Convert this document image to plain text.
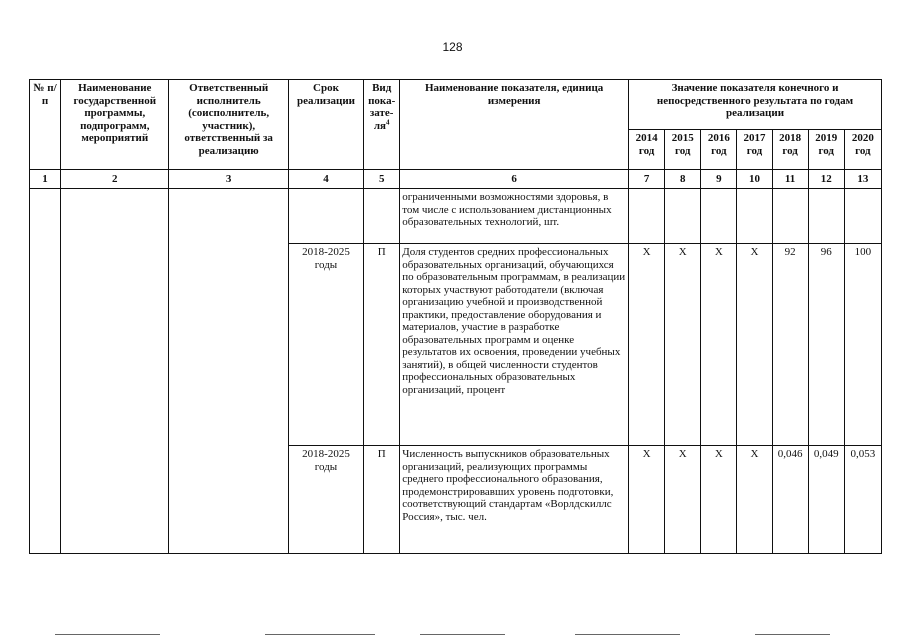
128
№ п/п	Наименование государственной программы, подпрограмм, мероприятий	Ответственный исполнитель (соисполнитель, участник), ответственный за реализацию	Срок реализации	Вид пока-$зате-ля^4$	Наименование показателя, единица измерения	Значение показателя конечного и непосредственного результата по годам реализации						
						2014 год	2015 год	2016 год	2017 год	2018 год	2019 год	2020 год
1	2	3	4	5	6	7	8	9	10	11	12	13
					ограниченными возможностями здоровья, в том числе с использованием дистанционных образовательных технологий, шт.							
			2018-2025 годы	П	Доля студентов средних профессиональных образовательных организаций, обучающихся по образовательным программам, в реализации которых участвуют работодатели (включая организацию учебной и производственной практики, предоставление оборудования и материалов, участие в разработке образовательных программ и оценке результатов их освоения, проведении учебных занятий), в общей численности студентов профессиональных образовательных организаций, процент	X	X	X	X	92	96	100
			2018-2025 годы	П	Численность выпускников образовательных организаций, реализующих программы среднего профессионального образования, продемонстрировавших уровень подготовки, соответствующий стандартам «Ворлдскиллс Россия», тыс. чел.	X	X	X	X	0,046	0,049	0,053
